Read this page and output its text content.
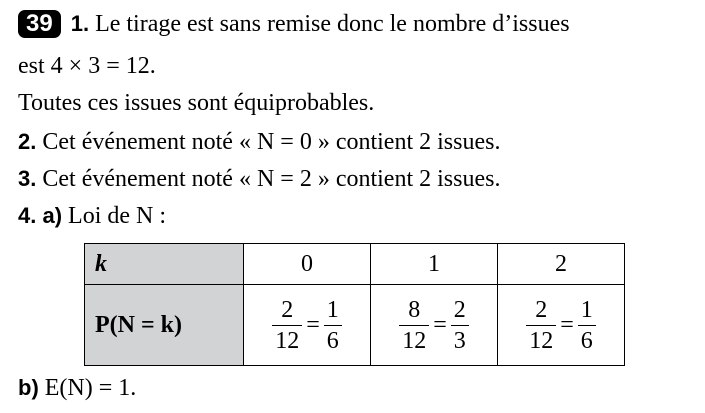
39 1. Le tirage est sans remise donc le nombre d’issues
est 4 × 3 = 12.
Toutes ces issues sont équiprobables.
2. Cet événement noté « N = 0 » contient 2 issues.
3. Cet événement noté « N = 2 » contient 2 issues.
4. a) Loi de N :
k	0	1	2
P(N = k)	$\frac{2}{12} = \frac{1}{6}$	$\frac{8}{12} = \frac{2}{3}$	$\frac{2}{12} = \frac{1}{6}$
b) E(N) = 1.
